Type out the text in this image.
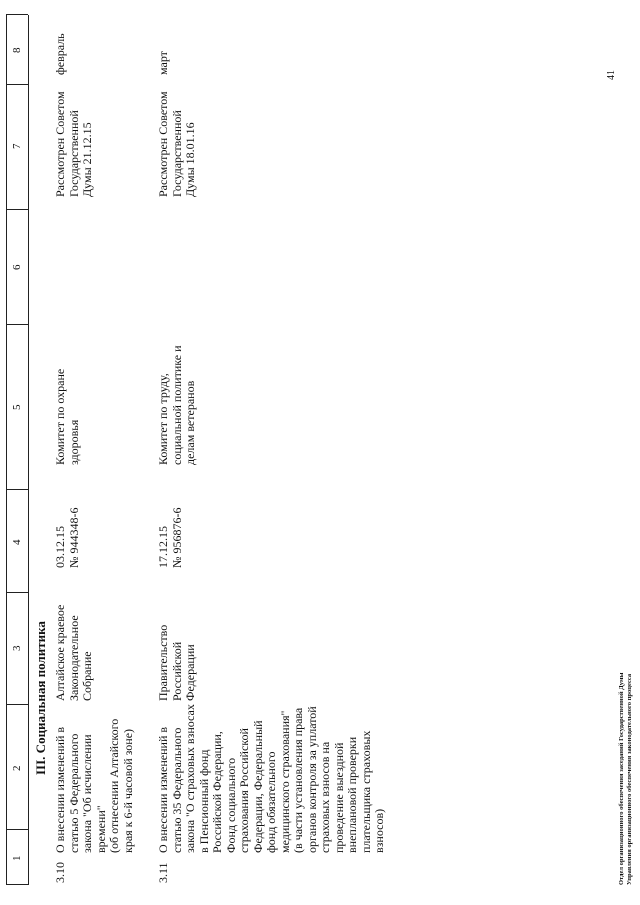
1
2
3
4
5
6
7
8
III. Социальная политика
3.10
О внесении изменений в статью 5 Федерального закона "Об исчислении времени"
(об отнесении Алтайского края к 6-й часовой зоне)
Алтайское краевое Законодательное Собрание
03.12.15
№ 944348-6
Комитет по охране здоровья
Рассмотрен Советом Государственной Думы 21.12.15
февраль
3.11
О внесении изменений в статью 35 Федерального закона "О страховых взносах в Пенсионный фонд Российской Федерации, Фонд социального страхования Российской Федерации, Федеральный фонд обязательного медицинского страхования"
(в части установления права органов контроля за уплатой страховых взносов на проведение выездной внеплановой проверки плательщика страховых взносов)
Правительство Российской Федерации
17.12.15
№ 956876-6
Комитет по труду, социальной политике и делам ветеранов
Рассмотрен Советом Государственной Думы 18.01.16
март
Отдел организационного обеспечения заседаний Государственной Думы Управления организационного обеспечения законодательного процесса
41
